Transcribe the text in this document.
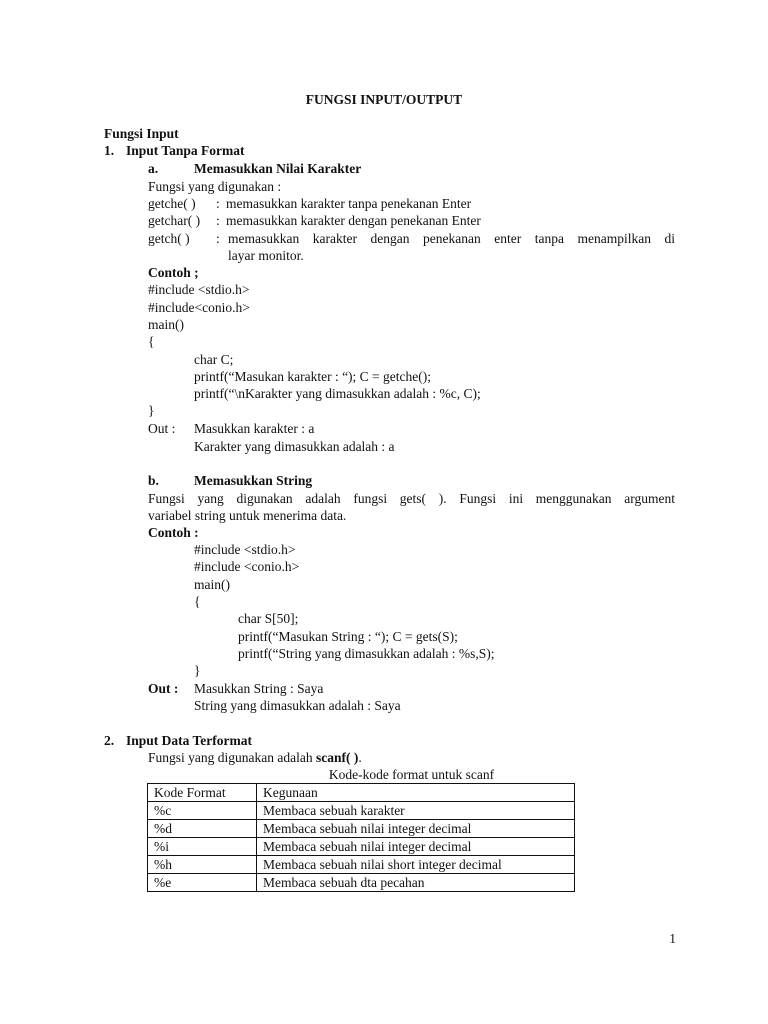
FUNGSI INPUT/OUTPUT
Fungsi Input
1. Input Tanpa Format
a.	Memasukkan Nilai Karakter
Fungsi yang digunakan :
getche( ) : memasukkan karakter tanpa penekanan Enter
getchar( ) : memasukkan karakter dengan penekanan Enter
getch( ) : memasukkan karakter dengan penekanan enter tanpa menampilkan di
layar monitor.
Contoh ;
#include <stdio.h>
#include<conio.h>
main()
{
char C;
printf(“Masukan karakter : “); C = getche();
printf(“\nKarakter yang dimasukkan adalah : %c, C);
}
Out : Masukkan karakter : a
Karakter yang dimasukkan adalah : a
b.	Memasukkan String
Fungsi yang digunakan adalah fungsi gets( ). Fungsi ini menggunakan argument
variabel string untuk menerima data.
Contoh :
#include <stdio.h>
#include <conio.h>
main()
{
char S[50];
printf(“Masukan String : “); C = gets(S);
printf(“String yang dimasukkan adalah : %s,S);
}
Out : Masukkan String : Saya
String yang dimasukkan adalah : Saya
2. Input Data Terformat
Fungsi yang digunakan adalah scanf( ).
Kode-kode format untuk scanf
Kode Format	Kegunaan
%c	Membaca sebuah karakter
%d	Membaca sebuah nilai integer decimal
%i	Membaca sebuah nilai integer decimal
%h	Membaca sebuah nilai short integer decimal
%e	Membaca sebuah dta pecahan
1
